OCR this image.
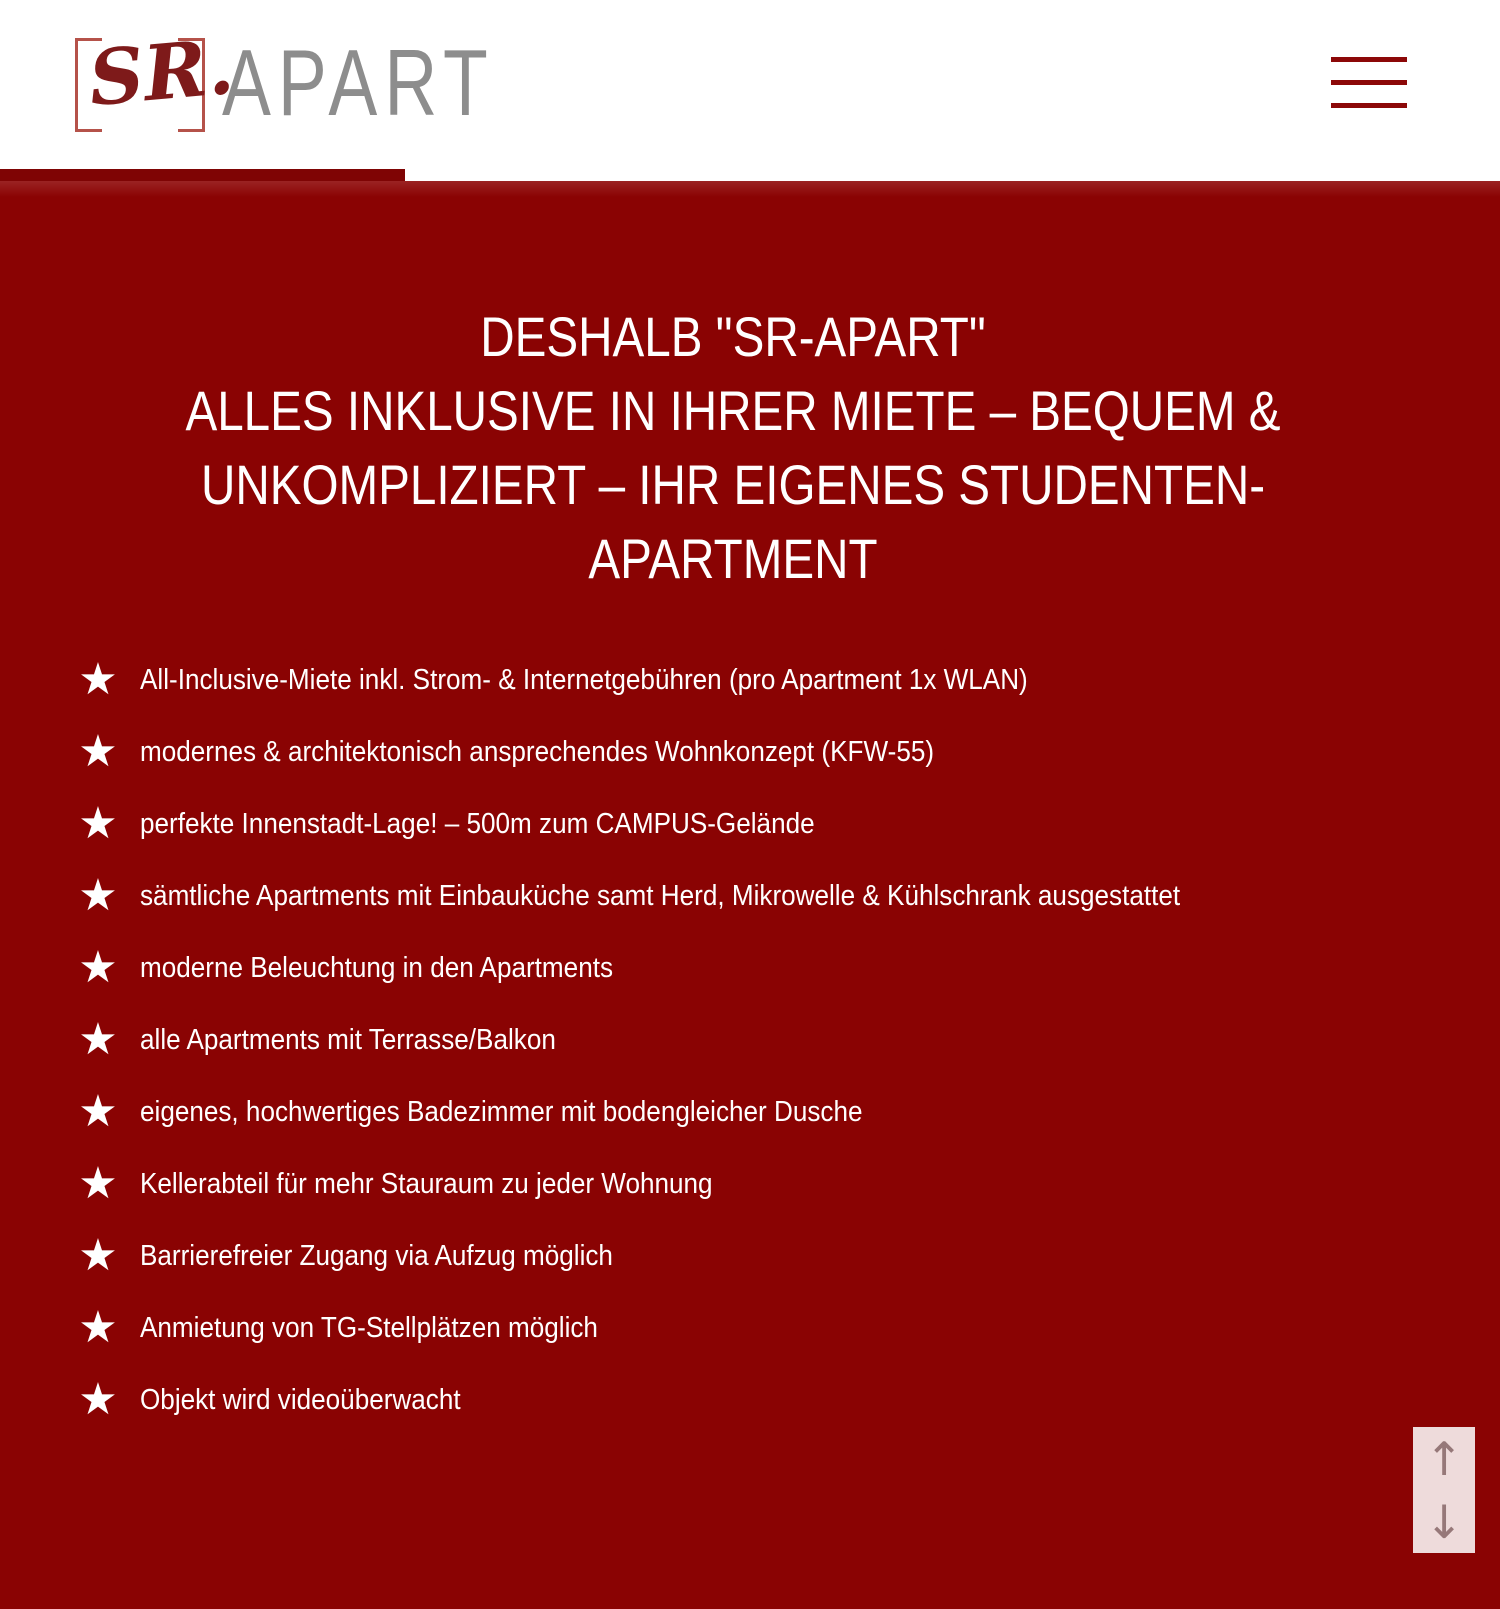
SR.
APART
DESHALB "SR-APART"
ALLES INKLUSIVE IN IHRER MIETE – BEQUEM &
UNKOMPLIZIERT – IHR EIGENES STUDENTEN-
APARTMENT
★ All-Inclusive-Miete inkl. Strom- & Internetgebühren (pro Apartment 1x WLAN)
★ modernes & architektonisch ansprechendes Wohnkonzept (KFW-55)
★ perfekte Innenstadt-Lage! – 500m zum CAMPUS-Gelände
★ sämtliche Apartments mit Einbauküche samt Herd, Mikrowelle & Kühlschrank ausgestattet
★ moderne Beleuchtung in den Apartments
★ alle Apartments mit Terrasse/Balkon
★ eigenes, hochwertiges Badezimmer mit bodengleicher Dusche
★ Kellerabteil für mehr Stauraum zu jeder Wohnung
★ Barrierefreier Zugang via Aufzug möglich
★ Anmietung von TG-Stellplätzen möglich
★ Objekt wird videoüberwacht
↑
↓
